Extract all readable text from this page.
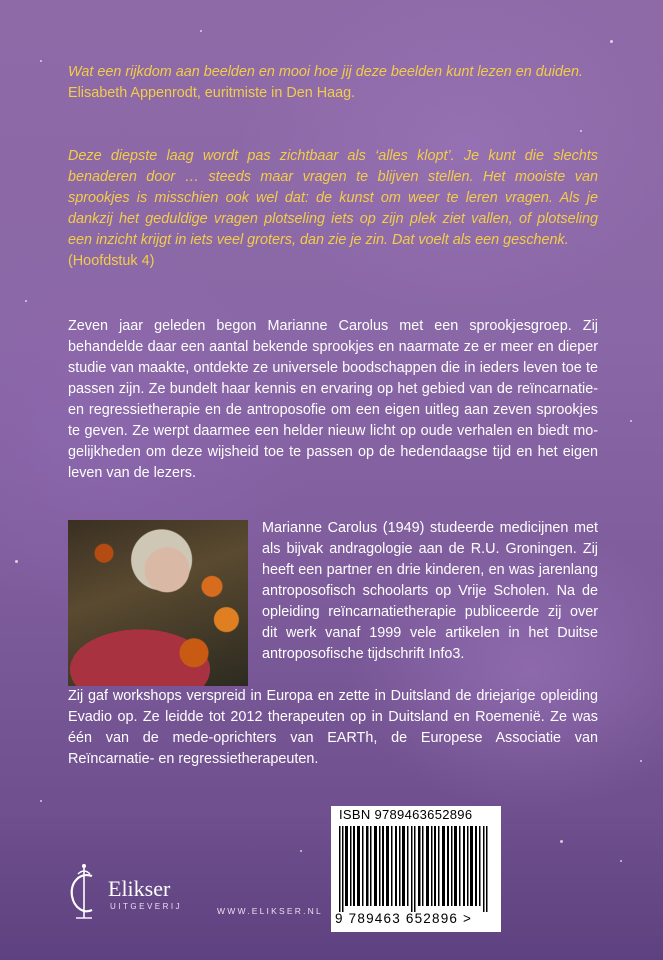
Wat een rijkdom aan beelden en mooi hoe jij deze beelden kunt lezen en duiden.
Elisabeth Appenrodt, euritmiste in Den Haag.
Deze diepste laag wordt pas zichtbaar als ‘alles klopt’. Je kunt die slechts benaderen door … steeds maar vragen te blijven stellen. Het mooiste van sprookjes is misschien ook wel dat: de kunst om weer te leren vragen. Als je dankzij het geduldige vragen plotseling iets op zijn plek ziet vallen, of plotseling een inzicht krijgt in iets veel groters, dan zie je zin. Dat voelt als een geschenk.
(Hoofdstuk 4)
Zeven jaar geleden begon Marianne Carolus met een sprookjesgroep. Zij behandelde daar een aantal bekende sprookjes en naarmate ze er meer en dieper studie van maakte, ontdekte ze universele boodschappen die in ieders leven toe te passen zijn. Ze bundelt haar kennis en ervaring op het gebied van de reïncarnatie- en regressietherapie en de antroposofie om een eigen uitleg aan zeven sprookjes te geven. Ze werpt daarmee een helder nieuw licht op oude verhalen en biedt mogelijkheden om deze wijsheid toe te passen op de hedendaagse tijd en het eigen leven van de lezers.
Marianne Carolus (1949) studeerde medicijnen met als bijvak andragologie aan de R.U. Groningen. Zij heeft een partner en drie kinderen, en was jarenlang antroposofisch schoolarts op Vrije Scholen. Na de opleiding reïncarnatietherapie publiceerde zij over dit werk vanaf 1999 vele artikelen in het Duitse antroposofische tijdschrift Info3.
Zij gaf workshops verspreid in Europa en zette in Duitsland de driejarige opleiding Evadio op. Ze leidde tot 2012 therapeuten op in Duitsland en Roemenië. Ze was één van de mede-oprichters van EARTh, de Europese Associatie van Reïncarnatie- en regressietherapeuten.
ISBN 9789463652896
9 789463 652896 >
Elikser
UITGEVERIJ	WWW.ELIKSER.NL
